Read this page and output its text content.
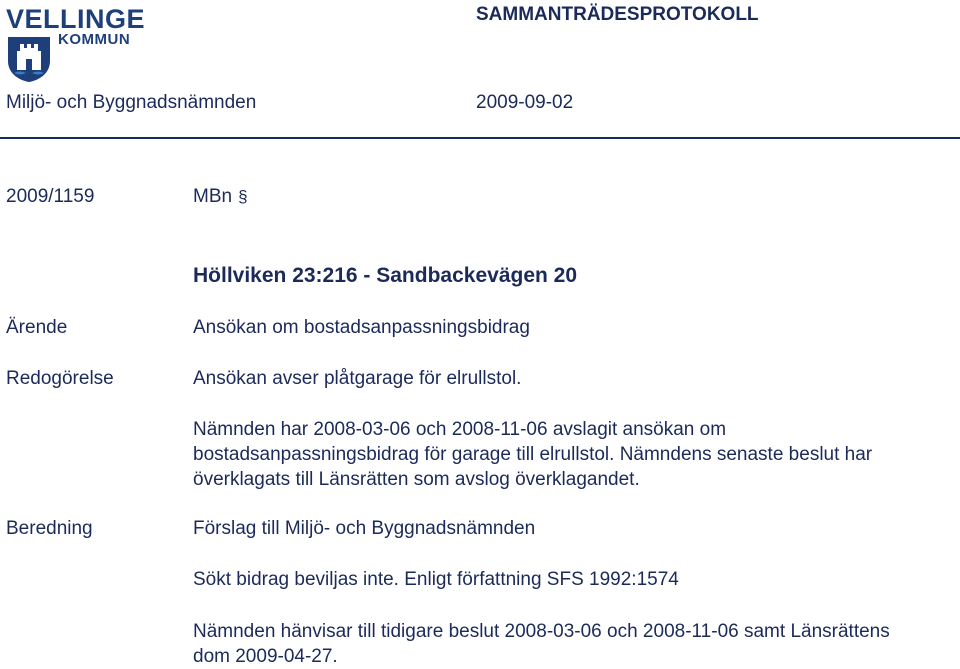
VELLINGE
KOMMUN
SAMMANTRÄDESPROTOKOLL
Miljö- och Byggnadsnämnden	2009-09-02
2009/1159	MBn §
Höllviken 23:216 - Sandbackevägen 20
Ärende	Ansökan om bostadsanpassningsbidrag
Redogörelse	Ansökan avser plåtgarage för elrullstol.
Nämnden har 2008-03-06 och 2008-11-06 avslagit ansökan om bostadsanpassningsbidrag för garage till elrullstol. Nämndens senaste beslut har överklagats till Länsrätten som avslog överklagandet.
Beredning	Förslag till Miljö- och Byggnadsnämnden
Sökt bidrag beviljas inte. Enligt författning SFS 1992:1574
Nämnden hänvisar till tidigare beslut 2008-03-06 och 2008-11-06 samt Länsrättens dom 2009-04-27.
